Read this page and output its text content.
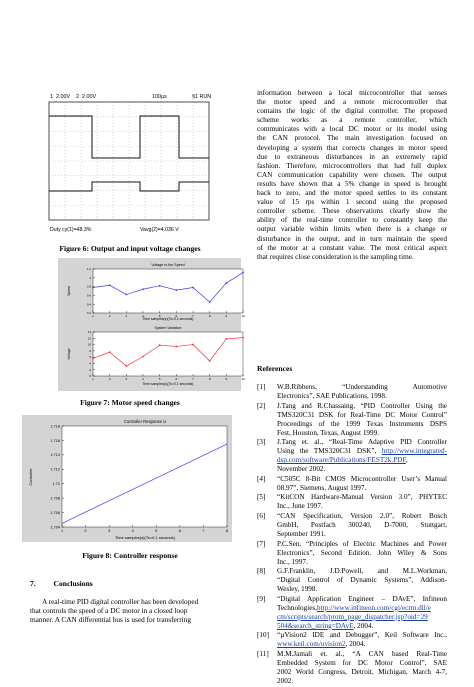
1 2.00V 2 2.00V	100µs	§1 RUN
Duty cy(1)=48.3%	Vavg(2)=4.036 V
Figure 6: Output and input voltage changes
Voltage to the Speed
Speed
Time samples(s)(Ts=0.1 seconds)
1.2
1
0.8
0.6
0.4
0.2
1	2	3	4	5	6	7	8	9	10
System Variation
Voltage
Time samples(s)(Ts=0.1 seconds)
14
12
10
8
6
4
2
0
1	2	3	4	5	6	7	8	9	10
Figure 7: Motor speed changes
Controller Response U
Controller
Time samples(s)(Ts=0.1 seconds)
1.718
1.716
1.714
1.712
1.71
1.708
1.706
1.704
1	2	3	4	5	6	7	8
Figure 8: Controller response
7. Conclusions
A real-time PID digital controller has been developed
that controls the speed of a DC motor in a closed loop
manner. A CAN differential bus is used for transferring
information between a local microcontroller that senses
the motor speed and a remote microcontroller that
contains the logic of the digital controller. The proposed
scheme works as a remote controller, which
communicates with a local DC motor or its model using
the CAN protocol. The main investigation focused on
developing a system that corrects changes in motor speed
due to extraneous disturbances in an extremely rapid
fashion. Therefore, microcontrollers that had full duplex
CAN communication capability were chosen. The output
results have shown that a 5% change in speed is brought
back to zero, and the motor speed settles to its constant
value of 15 rps within 1 second using the proposed
controller scheme. These observations clearly show the
ability of the real-time controller to constantly keep the
output variable within limits when there is a change or
disturbance in the output, and in turn maintain the speed
of the motor at a constant value. The most critical aspect
that requires close consideration is the sampling time.
References
[1]	W.B.Ribbens, “Understanding Automotive
Electronics”, SAE Publications, 1998.
[2]	J.Tang and R.Chassaing, “PID Controller Using the
TMS320C31 DSK for Real-Time DC Motor Control”
Proceedings of the 1999 Texas Instruments DSPS
Fest, Houston, Texas, August 1999.
[3]	J.Tang et. al., “Real-Time Adaptive PID Controller
Using the TMS320C31 DSK”, http://www.integrated-
dsp.com/software/Publications/FEST2k.PDF,
November 2002.
[4]	“C505C 8-Bit CMOS Microcontroller User’s Manual
08.97”, Siemens, August 1997.
[5]	“KitCON Hardware-Manual Version 3.0”, PHYTEC
Inc., June 1997.
[6]	“CAN Specification, Version 2.0”, Robert Bosch
GmbH, Postfach 300240, D-7000, Stuttgart,
September 1991.
[7]	P.C.Sen, “Principles of Electric Machines and Power
Electronics”, Second Edition. John Wiley & Sons
Inc., 1997.
[8]	G.F.Franklin, J.D.Powell, and M.L.Workman,
“Digital Control of Dynamic Systems”, Addison-
Wesley, 1998.
[9]	“Digital Application Engineer – DAvE”, Infineon
Technologies,http://www.infineon.com/cgi/ecrm.dll/e
cm/scripts/search/prom_page_dispatcher.jsp?oid=29
504&search_string=DAvE, 2004.
[10]	“µVision2 IDE and Debugger”, Keil Software Inc.,
www.keil.com/uvision2, 2004.
[11]	M.M.Jamali et. al., “A CAN based Real-Time
Embedded System for DC Motor Control”, SAE
2002 World Congress, Detroit, Michigan, March 4-7,
2002.
